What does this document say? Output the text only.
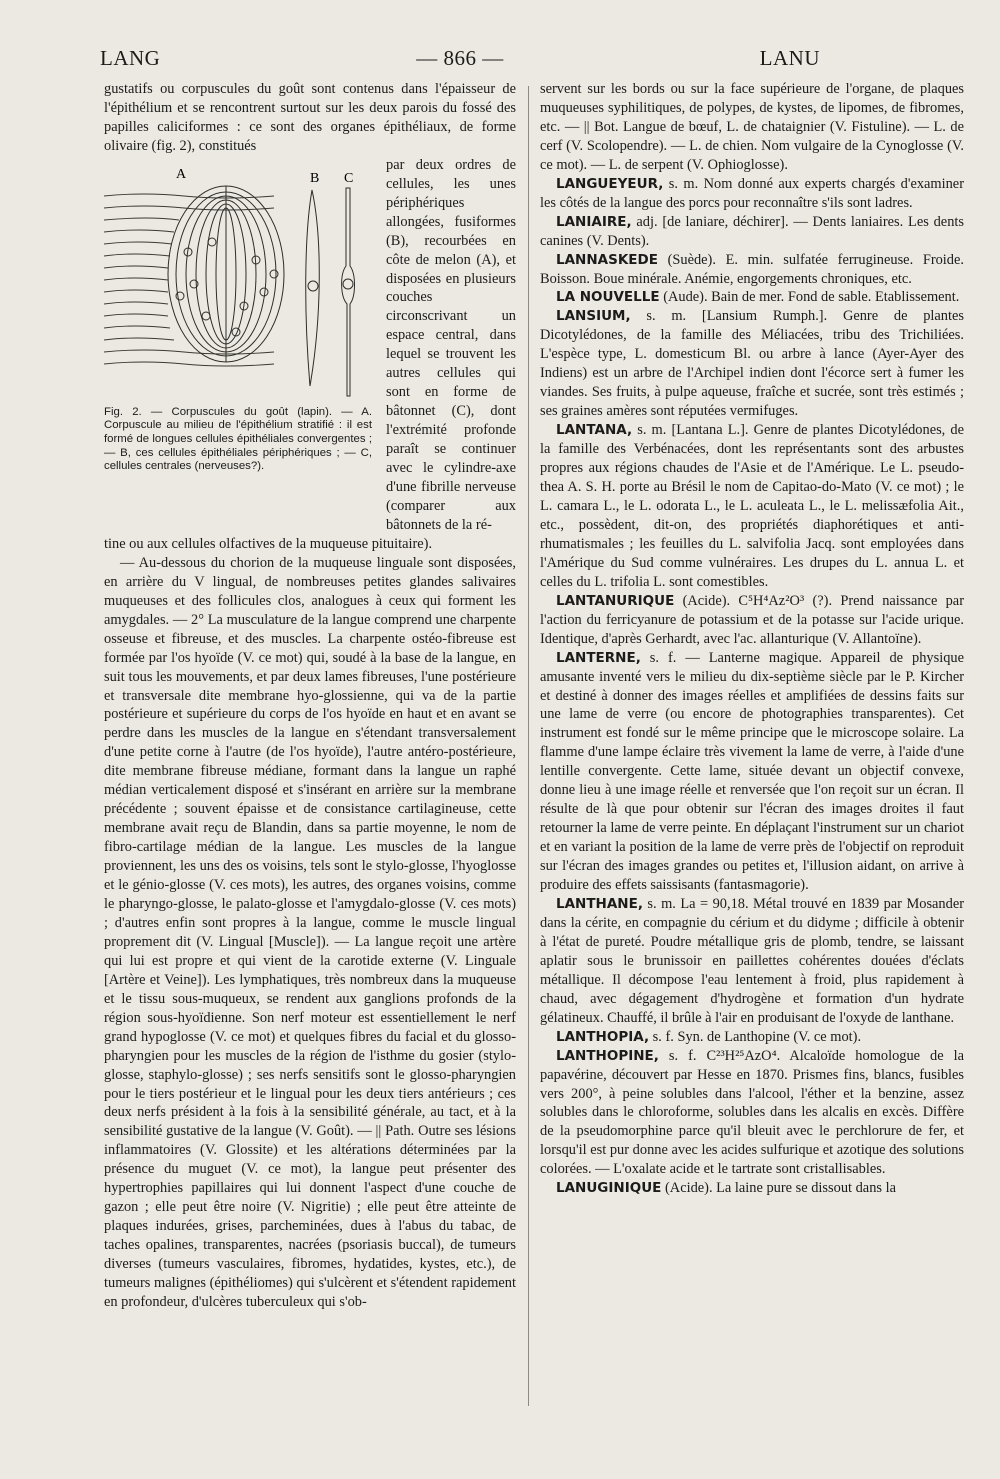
LANG	— 866 —	LANU

gustatifs ou corpuscules du goût sont contenus dans l'épaisseur de l'épithélium et se rencontrent surtout sur les deux parois du fossé des papilles caliciformes : ce sont des organes épithéliaux, de forme olivaire (fig. 2), constitués

A	B C
Fig. 2. — Corpuscules du goût (lapin). — A. Corpuscule au milieu de l'épithélium stratifié : il est formé de longues cellules épithéliales convergentes ; — B, ces cellules épithéliales périphériques ; — C, cellules centrales (nerveuses?).

par deux ordres de cellules, les unes périphériques allongées, fusiformes (B), recourbées en côte de melon (A), et disposées en plusieurs couches circonscrivant un espace central, dans lequel se trouvent les autres cellules qui sont en forme de bâtonnet (C), dont l'extrémité profonde paraît se continuer avec le cylindre-axe d'une fibrille nerveuse (comparer aux bâtonnets de la ré-

tine ou aux cellules olfactives de la muqueuse pituitaire).

— Au-dessous du chorion de la muqueuse linguale sont disposées, en arrière du V lingual, de nombreuses petites glandes salivaires muqueuses et des follicules clos, analogues à ceux qui forment les amygdales. — 2° La musculature de la langue comprend une charpente osseuse et fibreuse, et des muscles. La charpente ostéo-fibreuse est formée par l'os hyoïde (V. ce mot) qui, soudé à la base de la langue, en suit tous les mouvements, et par deux lames fibreuses, l'une postérieure et transversale dite membrane hyo-glossienne, qui va de la partie postérieure et supérieure du corps de l'os hyoïde en haut et en avant se perdre dans les muscles de la langue en s'étendant transversalement d'une petite corne à l'autre (de l'os hyoïde), l'autre antéro-postérieure, dite membrane fibreuse médiane, formant dans la langue un raphé médian verticalement disposé et s'insérant en arrière sur la membrane précédente ; souvent épaisse et de consistance cartilagineuse, cette membrane avait reçu de Blandin, dans sa partie moyenne, le nom de fibro-cartilage médian de la langue. Les muscles de la langue proviennent, les uns des os voisins, tels sont le stylo-glosse, l'hyoglosse et le génio-glosse (V. ces mots), les autres, des organes voisins, comme le pharyngo-glosse, le palato-glosse et l'amygdalo-glosse (V. ces mots) ; d'autres enfin sont propres à la langue, comme le muscle lingual proprement dit (V. Lingual [Muscle]). — La langue reçoit une artère qui lui est propre et qui vient de la carotide externe (V. Linguale [Artère et Veine]). Les lymphatiques, très nombreux dans la muqueuse et le tissu sous-muqueux, se rendent aux ganglions profonds de la région sous-hyoïdienne. Son nerf moteur est essentiellement le nerf grand hypoglosse (V. ce mot) et quelques fibres du facial et du glosso-pharyngien pour les muscles de la région de l'isthme du gosier (stylo-glosse, staphylo-glosse) ; ses nerfs sensitifs sont le glosso-pharyngien pour le tiers postérieur et le lingual pour les deux tiers antérieurs ; ces deux nerfs président à la fois à la sensibilité générale, au tact, et à la sensibilité gustative de la langue (V. Goût). — || Path. Outre ses lésions inflammatoires (V. Glossite) et les altérations déterminées par la présence du muguet (V. ce mot), la langue peut présenter des hypertrophies papillaires qui lui donnent l'aspect d'une couche de gazon ; elle peut être noire (V. Nigritie) ; elle peut être atteinte de plaques indurées, grises, parcheminées, dues à l'abus du tabac, de taches opalines, transparentes, nacrées (psoriasis buccal), de tumeurs diverses (tumeurs vasculaires, fibromes, hydatides, kystes, etc.), de tumeurs malignes (épithéliomes) qui s'ulcèrent et s'étendent rapidement en profondeur, d'ulcères tuberculeux qui s'ob-

servent sur les bords ou sur la face supérieure de l'organe, de plaques muqueuses syphilitiques, de polypes, de kystes, de lipomes, de fibromes, etc. — || Bot. Langue de bœuf, L. de chataignier (V. Fistuline). — L. de cerf (V. Scolopendre). — L. de chien. Nom vulgaire de la Cynoglosse (V. ce mot). — L. de serpent (V. Ophioglosse).

LANGUEYEUR, s. m. Nom donné aux experts chargés d'examiner les côtés de la langue des porcs pour reconnaître s'ils sont ladres.

LANIAIRE, adj. [de laniare, déchirer]. — Dents laniaires. Les dents canines (V. Dents).

LANNASKEDE (Suède). E. min. sulfatée ferrugineuse. Froide. Boisson. Boue minérale. Anémie, engorgements chroniques, etc.

LA NOUVELLE (Aude). Bain de mer. Fond de sable. Etablissement.

LANSIUM, s. m. [Lansium Rumph.]. Genre de plantes Dicotylédones, de la famille des Méliacées, tribu des Trichiliées. L'espèce type, L. domesticum Bl. ou arbre à lance (Ayer-Ayer des Indiens) est un arbre de l'Archipel indien dont l'écorce sert à fumer les viandes. Ses fruits, à pulpe aqueuse, fraîche et sucrée, sont très estimés ; ses graines amères sont réputées vermifuges.

LANTANA, s. m. [Lantana L.]. Genre de plantes Dicotylédones, de la famille des Verbénacées, dont les représentants sont des arbustes propres aux régions chaudes de l'Asie et de l'Amérique. Le L. pseudo-thea A. S. H. porte au Brésil le nom de Capitao-do-Mato (V. ce mot) ; le L. camara L., le L. odorata L., le L. aculeata L., le L. melissæfolia Ait., etc., possèdent, dit-on, des propriétés diaphorétiques et anti-rhumatismales ; les feuilles du L. salvifolia Jacq. sont employées dans l'Amérique du Sud comme vulnéraires. Les drupes du L. annua L. et celles du L. trifolia L. sont comestibles.

LANTANURIQUE (Acide). C⁵H⁴Az²O³ (?). Prend naissance par l'action du ferricyanure de potassium et de la potasse sur l'acide urique. Identique, d'après Gerhardt, avec l'ac. allanturique (V. Allantoïne).

LANTERNE, s. f. — Lanterne magique. Appareil de physique amusante inventé vers le milieu du dix-septième siècle par le P. Kircher et destiné à donner des images réelles et amplifiées de dessins faits sur une lame de verre (ou encore de photographies transparentes). Cet instrument est fondé sur le même principe que le microscope solaire. La flamme d'une lampe éclaire très vivement la lame de verre, à l'aide d'une lentille convergente. Cette lame, située devant un objectif convexe, donne lieu à une image réelle et renversée que l'on reçoit sur un écran. Il résulte de là que pour obtenir sur l'écran des images droites il faut retourner la lame de verre peinte. En déplaçant l'instrument sur un chariot et en variant la position de la lame de verre près de l'objectif on reproduit sur l'écran des images grandes ou petites et, l'illusion aidant, on arrive à produire des effets saissisants (fantasmagorie).

LANTHANE, s. m. La = 90,18. Métal trouvé en 1839 par Mosander dans la cérite, en compagnie du cérium et du didyme ; difficile à obtenir à l'état de pureté. Poudre métallique gris de plomb, tendre, se laissant aplatir sous le brunissoir en paillettes cohérentes douées d'éclats métallique. Il décompose l'eau lentement à froid, plus rapidement à chaud, avec dégagement d'hydrogène et formation d'un hydrate gélatineux. Chauffé, il brûle à l'air en produisant de l'oxyde de lanthane.

LANTHOPIA, s. f. Syn. de Lanthopine (V. ce mot).

LANTHOPINE, s. f. C²³H²⁵AzO⁴. Alcaloïde homologue de la papavérine, découvert par Hesse en 1870. Prismes fins, blancs, fusibles vers 200°, à peine solubles dans l'alcool, l'éther et la benzine, assez solubles dans le chloroforme, solubles dans les alcalis en excès. Diffère de la pseudomorphine parce qu'il bleuit avec le perchlorure de fer, et lorsqu'il est pur donne avec les acides sulfurique et azotique des solutions colorées. — L'oxalate acide et le tartrate sont cristallisables.

LANUGINIQUE (Acide). La laine pure se dissout dans la
